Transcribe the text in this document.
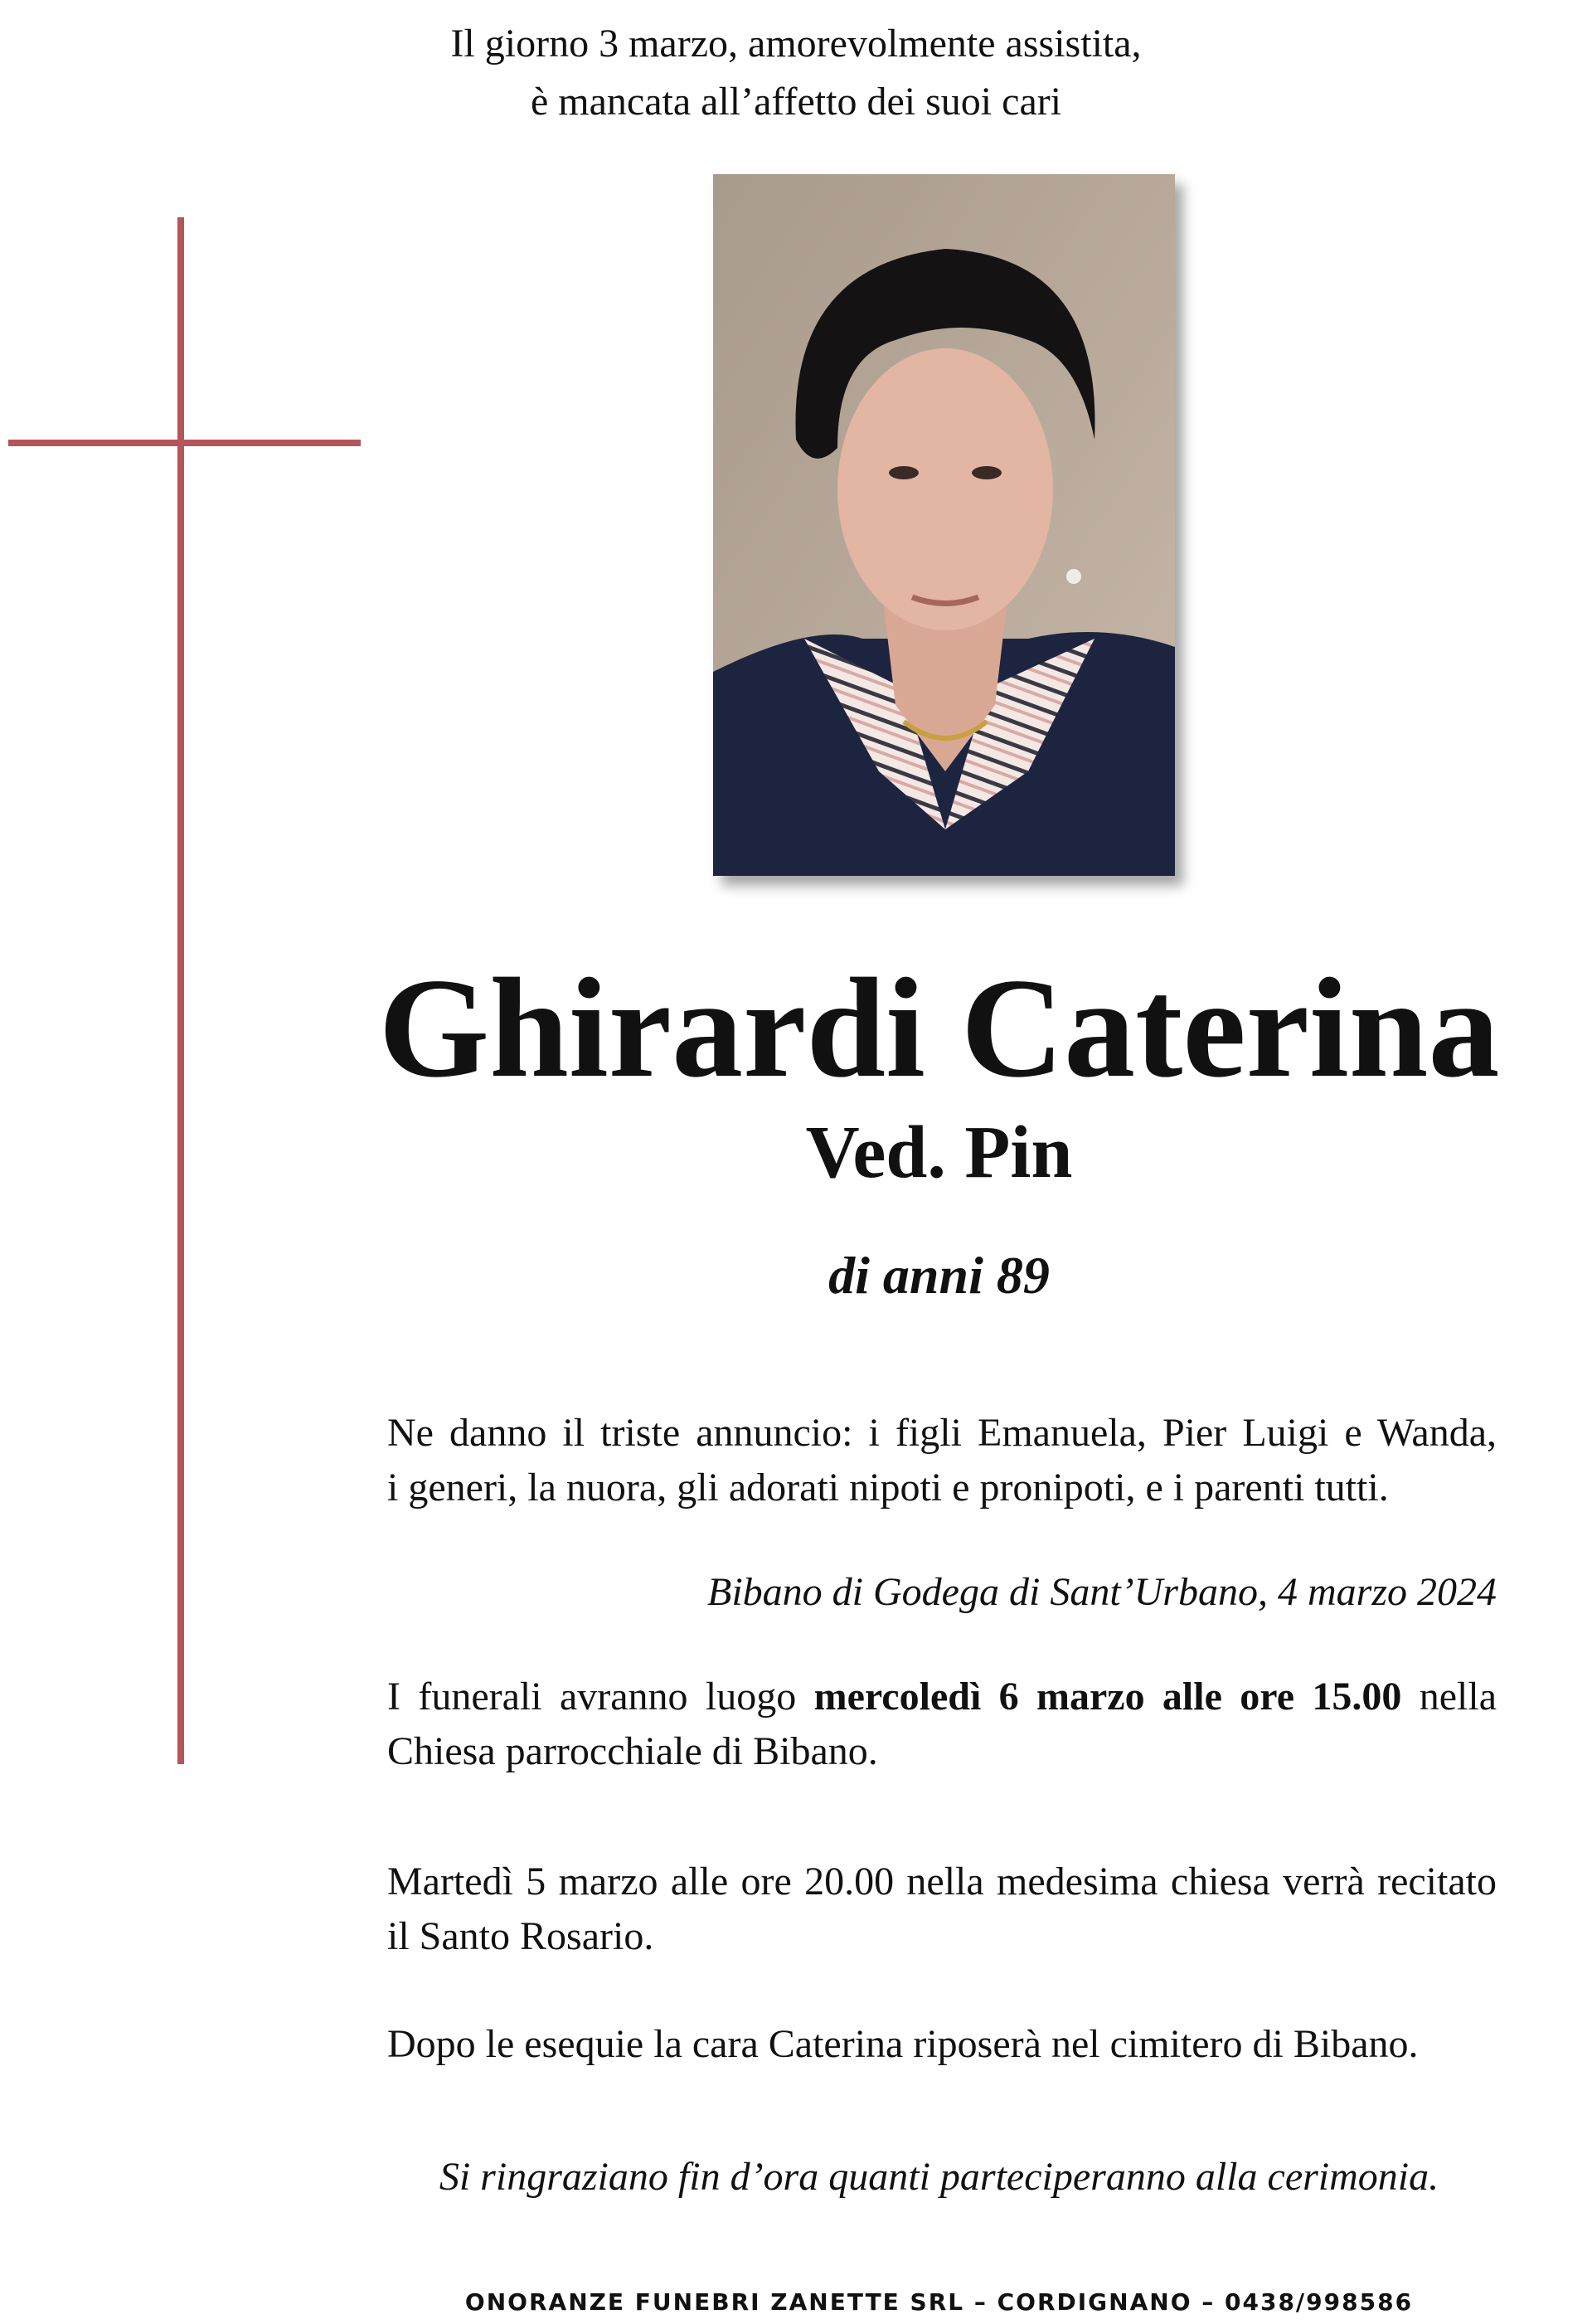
Il giorno 3 marzo, amorevolmente assistita,
è mancata all’affetto dei suoi cari
Ghirardi Caterina
Ved. Pin
di anni 89
Ne danno il triste annuncio: i figli Emanuela, Pier Luigi e Wanda,
i generi, la nuora, gli adorati nipoti e pronipoti, e i parenti tutti.
Bibano di Godega di Sant’Urbano, 4 marzo 2024
I funerali avranno luogo mercoledì 6 marzo alle ore 15.00 nella Chiesa parrocchiale di Bibano.
Martedì 5 marzo alle ore 20.00 nella medesima chiesa verrà recitato il Santo Rosario.
Dopo le esequie la cara Caterina riposerà nel cimitero di Bibano.
Si ringraziano fin d’ora quanti parteciperanno alla cerimonia.
ONORANZE FUNEBRI ZANETTE SRL – CORDIGNANO – 0438/998586
